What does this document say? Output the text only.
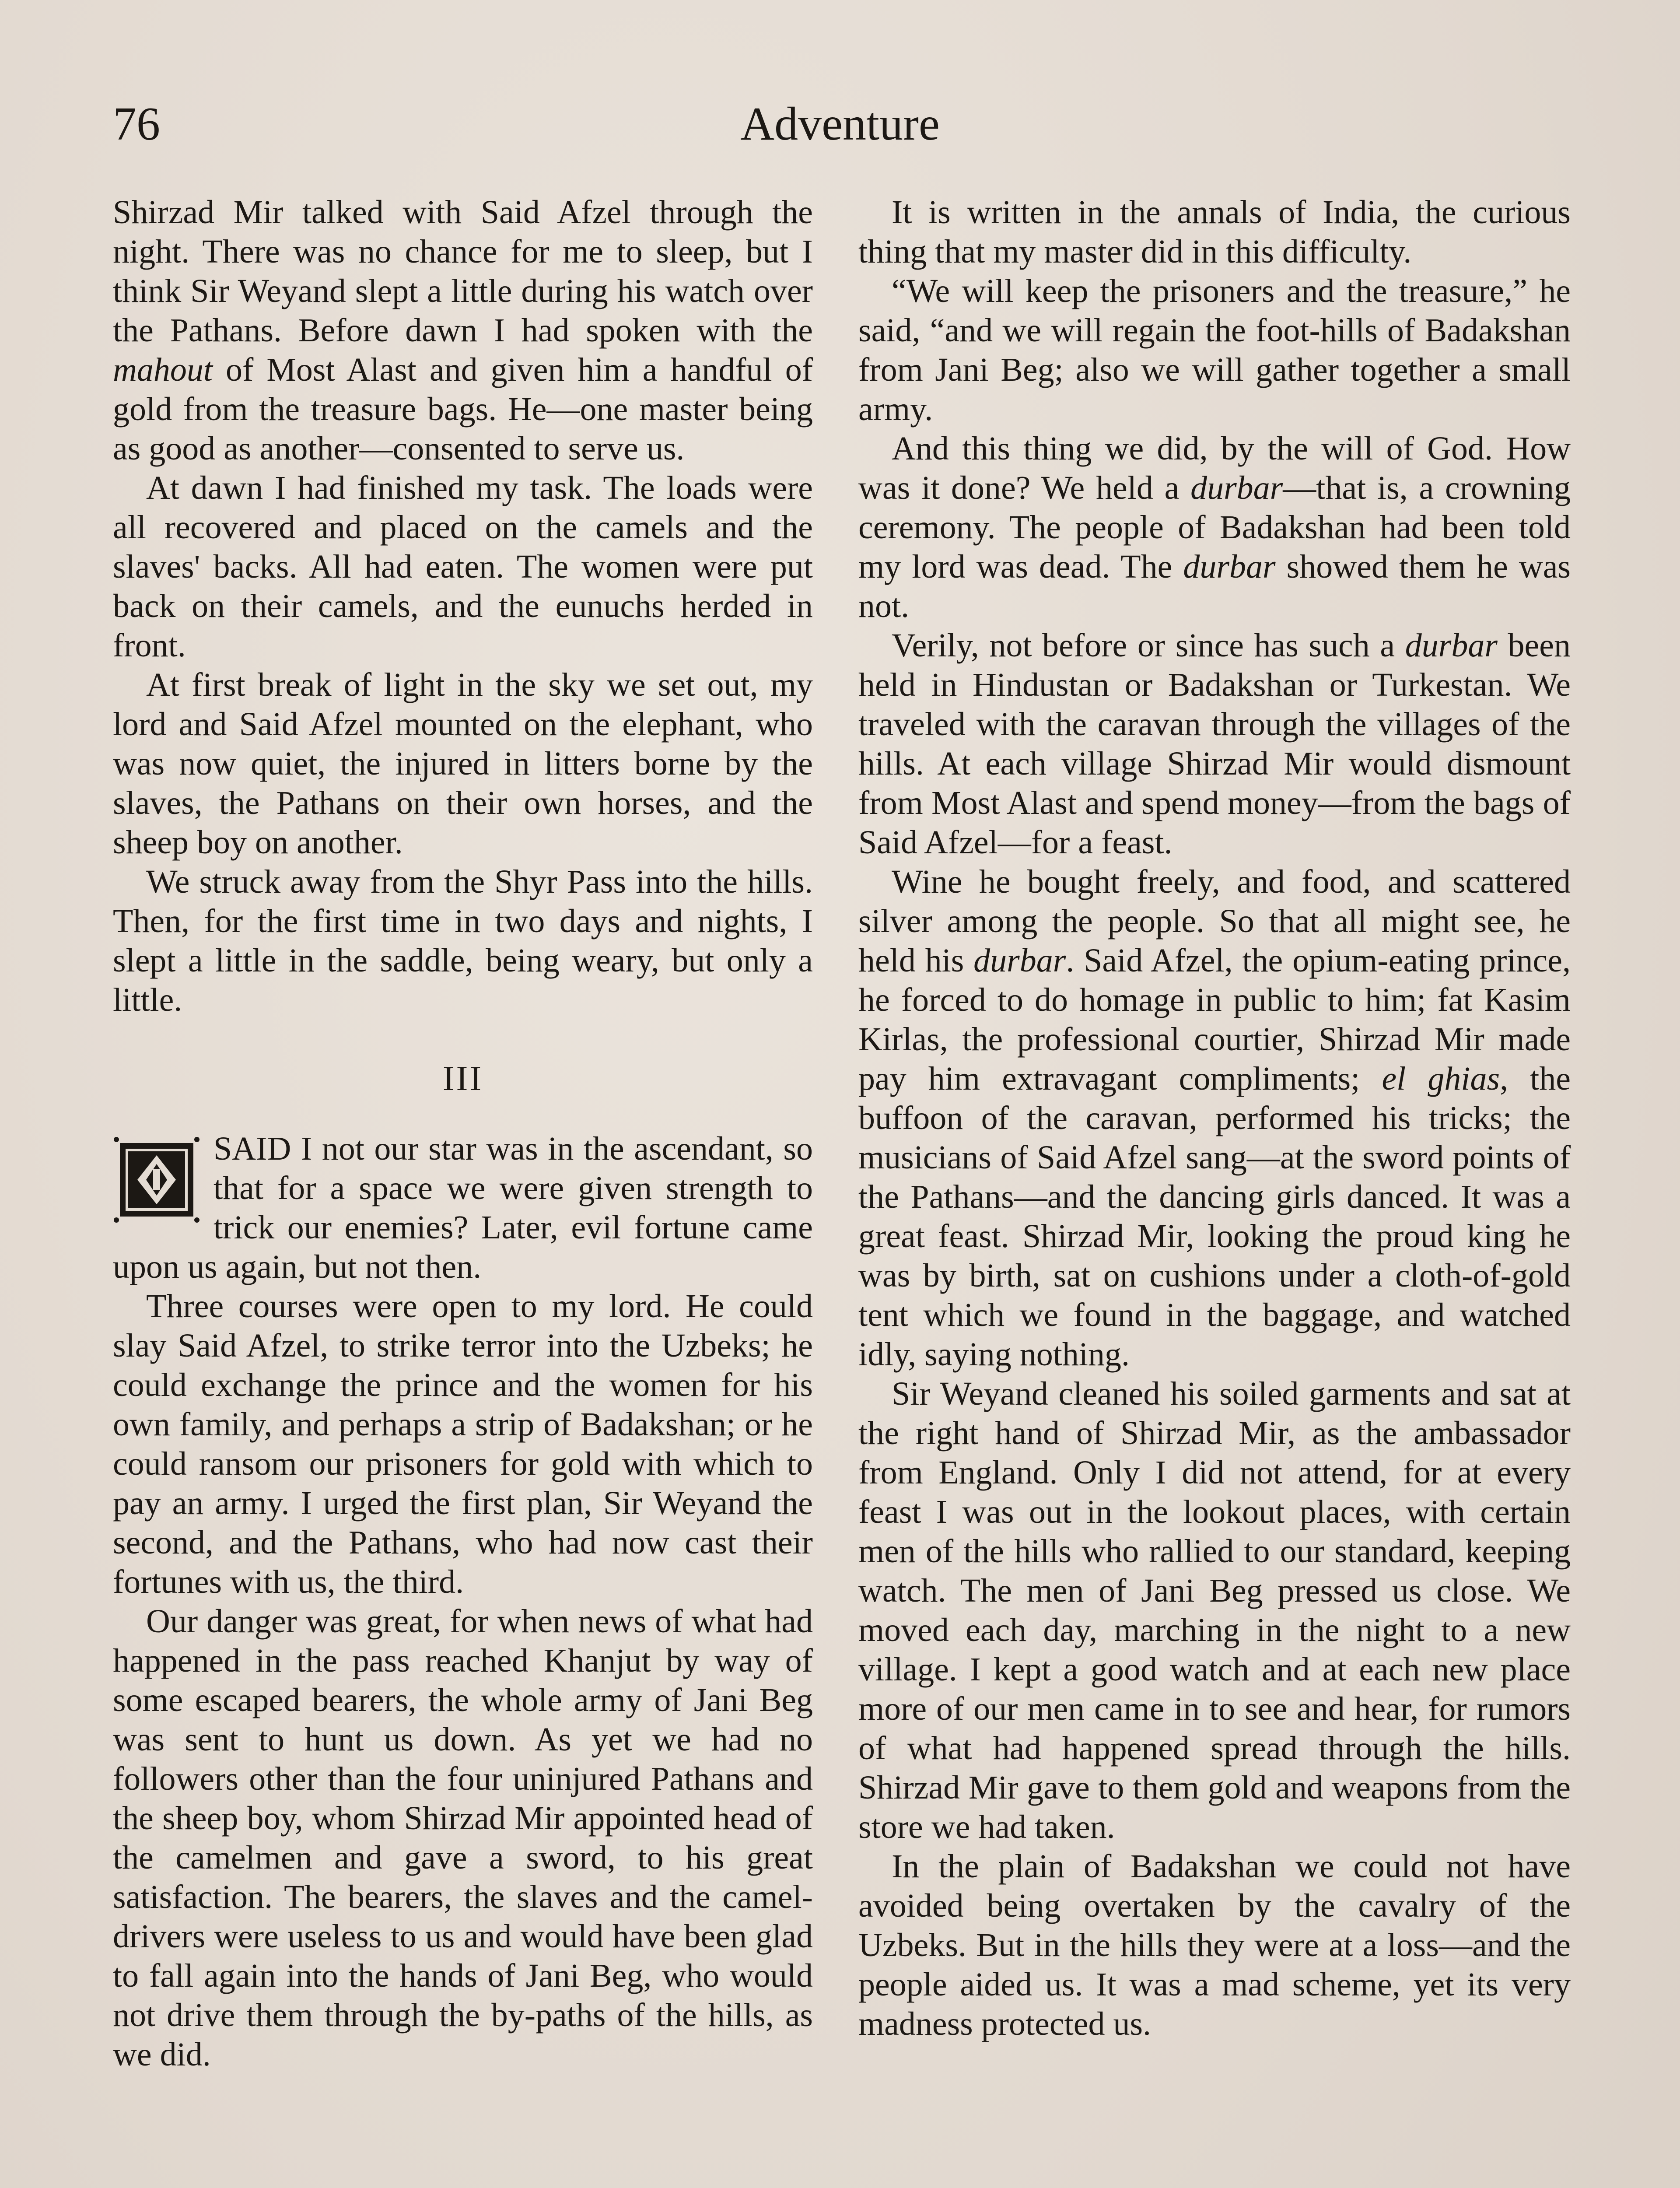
76	Adventure

Shirzad Mir talked with Said Afzel through the night. There was no chance for me to sleep, but I think Sir Weyand slept a little during his watch over the Pathans. Before dawn I had spoken with the mahout of Most Alast and given him a handful of gold from the treasure bags. He—one master being as good as another—consented to serve us.

At dawn I had finished my task. The loads were all recovered and placed on the camels and the slaves' backs. All had eaten. The women were put back on their camels, and the eunuchs herded in front.

At first break of light in the sky we set out, my lord and Said Afzel mounted on the elephant, who was now quiet, the injured in litters borne by the slaves, the Pathans on their own horses, and the sheep boy on another.

We struck away from the Shyr Pass into the hills. Then, for the first time in two days and nights, I slept a little in the saddle, being weary, but only a little.

III

SAID I not our star was in the ascendant, so that for a space we were given strength to trick our enemies? Later, evil fortune came upon us again, but not then.

Three courses were open to my lord. He could slay Said Afzel, to strike terror into the Uzbeks; he could exchange the prince and the women for his own family, and perhaps a strip of Badakshan; or he could ransom our prisoners for gold with which to pay an army. I urged the first plan, Sir Weyand the second, and the Pathans, who had now cast their fortunes with us, the third.

Our danger was great, for when news of what had happened in the pass reached Khanjut by way of some escaped bearers, the whole army of Jani Beg was sent to hunt us down. As yet we had no followers other than the four uninjured Pathans and the sheep boy, whom Shirzad Mir appointed head of the camelmen and gave a sword, to his great satisfaction. The bearers, the slaves and the camel-drivers were useless to us and would have been glad to fall again into the hands of Jani Beg, who would not drive them through the by-paths of the hills, as we did.

It is written in the annals of India, the curious thing that my master did in this difficulty.

“We will keep the prisoners and the treasure,” he said, “and we will regain the foot-hills of Badakshan from Jani Beg; also we will gather together a small army.

And this thing we did, by the will of God. How was it done? We held a durbar—that is, a crowning ceremony. The people of Badakshan had been told my lord was dead. The durbar showed them he was not.

Verily, not before or since has such a durbar been held in Hindustan or Badakshan or Turkestan. We traveled with the caravan through the villages of the hills. At each village Shirzad Mir would dismount from Most Alast and spend money—from the bags of Said Afzel—for a feast.

Wine he bought freely, and food, and scattered silver among the people. So that all might see, he held his durbar. Said Afzel, the opium-eating prince, he forced to do homage in public to him; fat Kasim Kirlas, the professional courtier, Shirzad Mir made pay him extravagant compliments; el ghias, the buffoon of the caravan, performed his tricks; the musicians of Said Afzel sang—at the sword points of the Pathans—and the dancing girls danced. It was a great feast. Shirzad Mir, looking the proud king he was by birth, sat on cushions under a cloth-of-gold tent which we found in the baggage, and watched idly, saying nothing.

Sir Weyand cleaned his soiled garments and sat at the right hand of Shirzad Mir, as the ambassador from England. Only I did not attend, for at every feast I was out in the lookout places, with certain men of the hills who rallied to our standard, keeping watch. The men of Jani Beg pressed us close. We moved each day, marching in the night to a new village. I kept a good watch and at each new place more of our men came in to see and hear, for rumors of what had happened spread through the hills. Shirzad Mir gave to them gold and weapons from the store we had taken.

In the plain of Badakshan we could not have avoided being overtaken by the cavalry of the Uzbeks. But in the hills they were at a loss—and the people aided us. It was a mad scheme, yet its very madness protected us.
